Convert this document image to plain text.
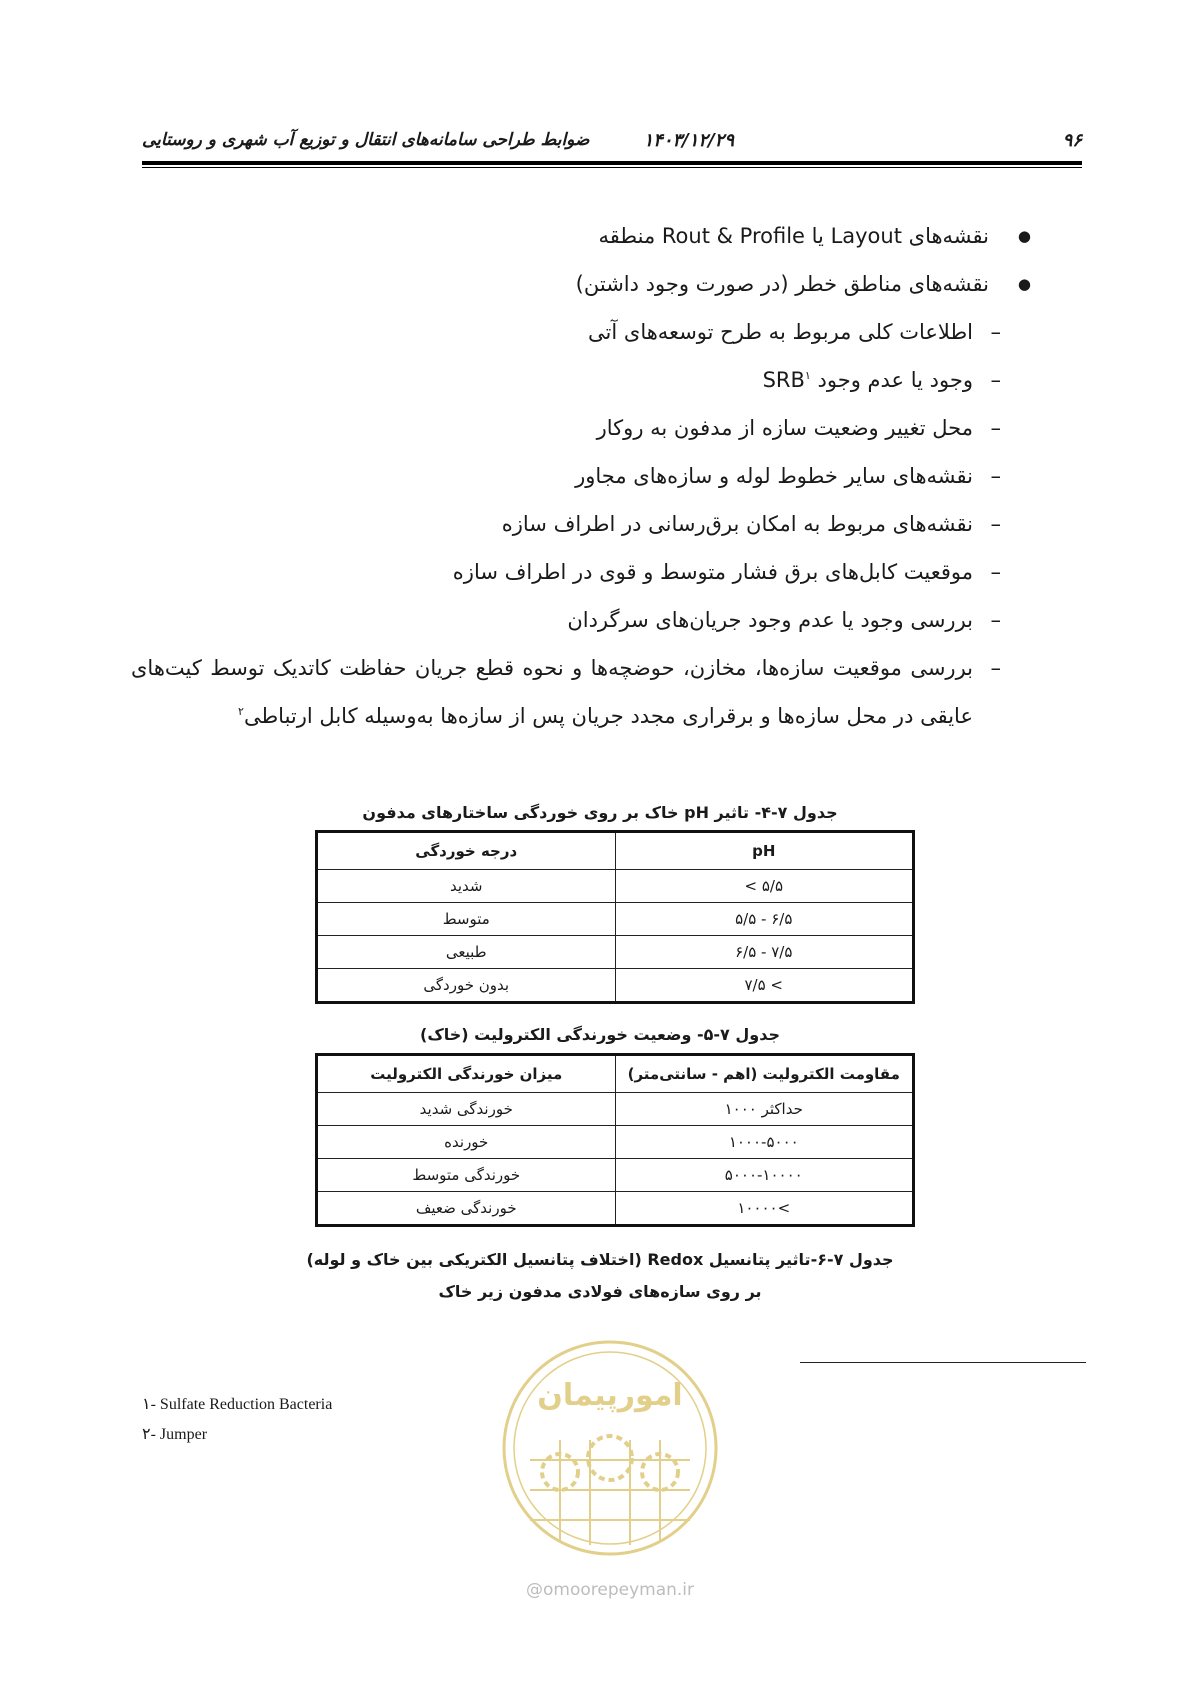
۹۶
۱۴۰۳/۱۲/۲۹
ضوابط طراحی سامانه‌های انتقال و توزیع آب شهری و روستایی
●
نقشه‌های Layout یا Rout & Profile منطقه
●
نقشه‌های مناطق خطر (در صورت وجود داشتن)
–
اطلاعات کلی مربوط به طرح توسعه‌های آتی
–
وجود یا عدم وجود SRB$^۱$
–
محل تغییر وضعیت سازه از مدفون به روکار
–
نقشه‌های سایر خطوط لوله و سازه‌های مجاور
–
نقشه‌های مربوط به امکان برق‌رسانی در اطراف سازه
–
موقعیت کابل‌های برق فشار متوسط و قوی در اطراف سازه
–
بررسی وجود یا عدم وجود جریان‌های سرگردان
–
بررسی موقعیت سازه‌ها، مخازن، حوضچه‌ها و نحوه قطع جریان حفاظت کاتدیک توسط کیت‌های عایقی در محل سازه‌ها و برقراری مجدد جریان پس از سازه‌ها به‌وسیله کابل ارتباطی$^۲$
جدول ۷-۴- تاثیر pH خاک بر روی خوردگی ساختارهای مدفون
pH	درجه خوردگی
۵/۵ >	شدید
۶/۵ - ۵/۵	متوسط
۷/۵ - ۶/۵	طبیعی
> ۷/۵	بدون خوردگی
جدول ۷-۵- وضعیت خورندگی الکترولیت (خاک)
مقاومت الکترولیت (اهم - سانتی‌متر)	میزان خورندگی الکترولیت
حداکثر ۱۰۰۰	خورندگی شدید
۱۰۰۰-۵۰۰۰	خورنده
۵۰۰۰-۱۰۰۰۰	خورندگی متوسط
>۱۰۰۰۰	خورندگی ضعیف
جدول ۷-۶-تاثیر پتانسیل Redox (اختلاف پتانسیل الکتریکی بین خاک و لوله)
بر روی سازه‌های فولادی مدفون زیر خاک
۱- Sulfate Reduction Bacteria
۲- Jumper
امورپیمان
@omoorepeyman.ir
